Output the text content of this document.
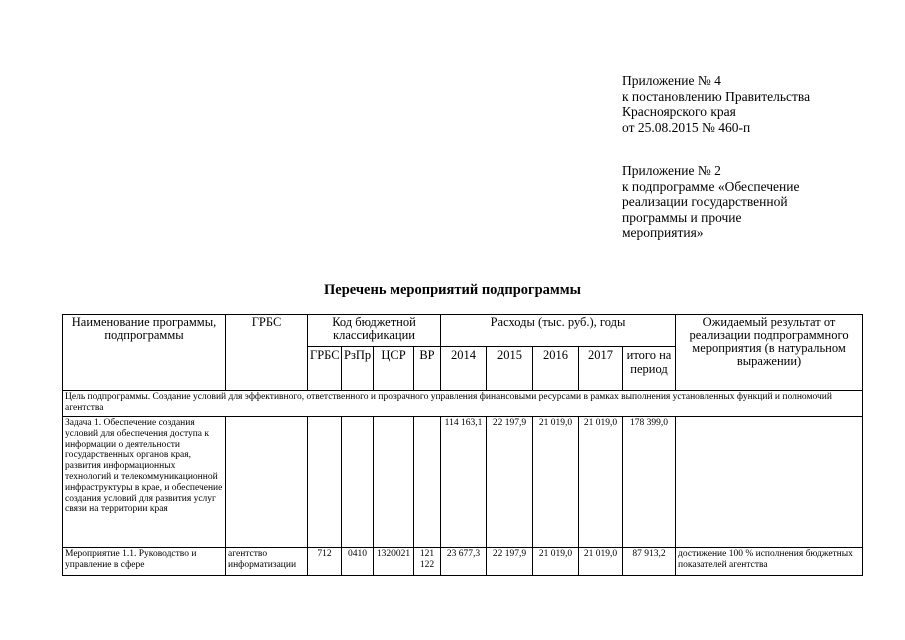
Приложение № 4
к постановлению Правительства
Красноярского края
от 25.08.2015 № 460-п
Приложение № 2
к подпрограмме «Обеспечение
реализации государственной
программы и прочие
мероприятия»
Перечень мероприятий подпрограммы
Наименование программы, подпрограммы	ГРБС	Код бюджетной классификации				Расходы (тыс. руб.), годы					Ожидаемый результат от реализации подпрограммного мероприятия (в натуральном выражении)
		ГРБС	РзПр	ЦСР	ВР	2014	2015	2016	2017	итого на период	
Цель подпрограммы. Создание условий для эффективного, ответственного и прозрачного управления финансовыми ресурсами в рамках выполнения установленных функций и полномочий агентства											
Задача 1. Обеспечение создания условий для обеспечения доступа к информации о деятельности государственных органов края, развития информационных технологий и телекоммуникационной инфраструктуры в крае, и обеспечение создания условий для развития услуг связи на территории края						114 163,1	22 197,9	21 019,0	21 019,0	178 399,0	
Мероприятие 1.1. Руководство и управление в сфере	агентство информатизации	712	0410	1320021	121 122	23 677,3	22 197,9	21 019,0	21 019,0	87 913,2	достижение 100 % исполнения бюджетных показателей агентства
